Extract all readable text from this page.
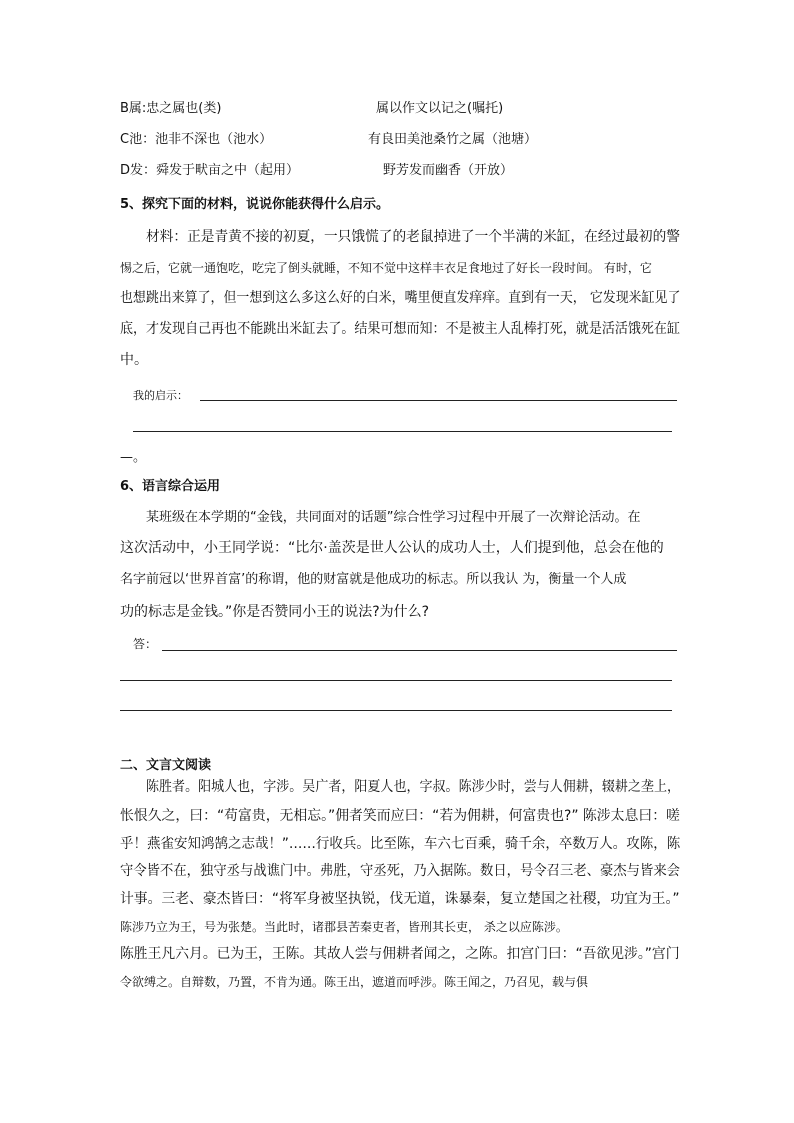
B属:忠之属也(类)	属以作文以记之(嘱托)
C池：池非不深也（池水）	有良田美池桑竹之属（池塘）
D发：舜发于畎亩之中（起用）	野芳发而幽香（开放）
5、探究下面的材料，说说你能获得什么启示。
材料：正是青黄不接的初夏，一只饿慌了的老鼠掉进了一个半满的米缸，在经过最初的警
惕之后，它就一通饱吃，吃完了倒头就睡，不知不觉中这样丰衣足食地过了好长一段时间。 有时，它
也想跳出来算了，但一想到这么多这么好的白米，嘴里便直发痒痒。直到有一天， 它发现米缸见了
底，才发现自己再也不能跳出米缸去了。结果可想而知：不是被主人乱棒打死，就是活活饿死在缸
中。
我的启示：
—。
6、语言综合运用
某班级在本学期的“金钱，共同面对的话题”综合性学习过程中开展了一次辩论活动。在
这次活动中，小王同学说：“比尔·盖茨是世人公认的成功人士，人们提到他，总会在他的
名字前冠以‘世界首富’的称谓，他的财富就是他成功的标志。所以我认 为，衡量一个人成
功的标志是金钱。”你是否赞同小王的说法?为什么?
答：
二、文言文阅读
陈胜者。阳城人也，字涉。吴广者，阳夏人也，字叔。陈涉少时，尝与人佣耕，辍耕之垄上，
怅恨久之，曰：“苟富贵，无相忘。”佣者笑而应曰：“若为佣耕，何富贵也?” 陈涉太息曰：嗟
乎！燕雀安知鸿鹄之志哉！”……行收兵。比至陈，车六七百乘，骑千余，卒数万人。攻陈，陈
守令皆不在，独守丞与战谯门中。弗胜，守丞死，乃入据陈。数日，号令召三老、豪杰与皆来会
计事。三老、豪杰皆曰：“将军身被坚执锐，伐无道，诛暴秦，复立楚国之社稷，功宜为王。”
陈涉乃立为王，号为张楚。当此时，诸郡县苦秦吏者，皆刑其长吏， 杀之以应陈涉。
陈胜王凡六月。已为王，王陈。其故人尝与佣耕者闻之，之陈。扣宫门曰：“吾欲见涉。”宫门
令欲缚之。自辩数，乃置，不肯为通。陈王出，遮道而呼涉。陈王闻之，乃召见，载与俱
